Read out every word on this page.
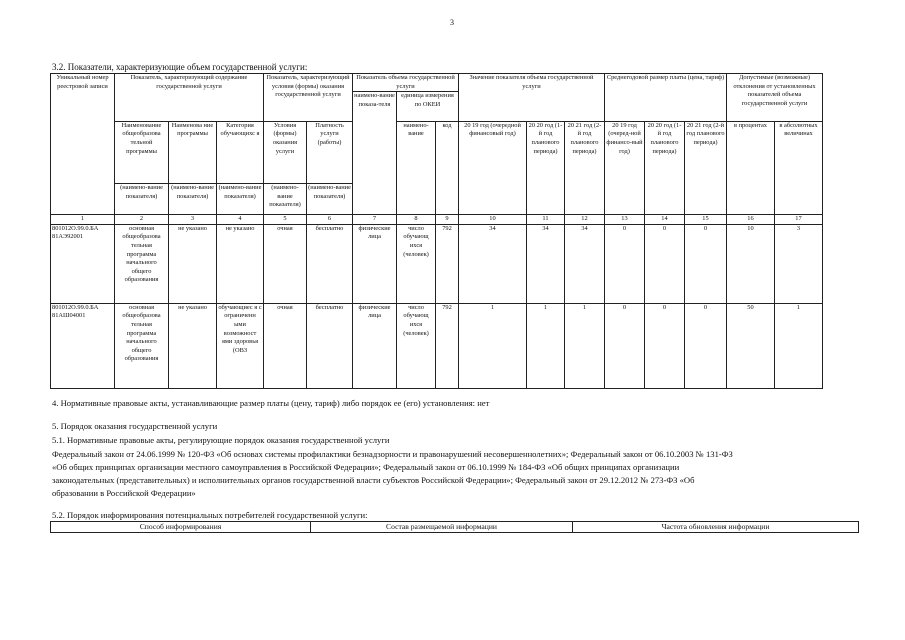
3
3.2. Показатели, характеризующие объем государственной услуги:
Уникальный номер реестровой записи	Показатель, характеризующий содержание государственной услуги			Показатель, характеризующий условия (формы) оказания государственной услуги		Показатель объема государственной услуги			Значение показателя объема государственной услуги			Среднегодовой размер платы (цена, тариф)			Допустимые (возможные) отклонения от установленных показателей объема государственной услуги	
						наимено-вание показа-теля	единица измерения по ОКЕИ									
	Наименование общеобразова тельной программы	Наименова ние программы	Категория обучающихс я	Условия (формы) оказания услуги	Платность услуги (работы)		наимено-вание	код	20 19 год (очередной финансовый год)	20 20 год (1-й год планового периода)	20 21 год (2-й год планового периода)	20 19 год (очеред-ной финансо-вый год)	20 20 год (1-й год планового периода)	20 21 год (2-й год планового периода)	в процентах	в абсолютных величинах
	(наимено-вание показателя)	(наимено-вание показателя)	(наимено-вание показателя)	(наимено-вание показателя)	(наимено-вание показателя)											
1	2	3	4	5	6	7	8	9	10	11	12	13	14	15	16	17
801012О.99.0.БА 81АЭ92001	основная общеобразова тельная программа начального общего образования	не указано	не указано	очная	бесплатно	физические лица	число обучающ ихся (человек)	792	34	34	34	0	0	0	10	3
801012О.99.0.БА 81АШ04001	основная общеобразова тельная программа начального общего образования	не указано	обучающиес я с ограниченн ыми возможност ями здоровья (ОВЗ	очная	бесплатно	физические лица	число обучающ ихся (человек)	792	1	1	1	0	0	0	50	1
4. Нормативные правовые акты, устанавливающие размер платы (цену, тариф) либо порядок ее (его) установления: нет
5. Порядок оказания государственной услуги
5.1. Нормативные правовые акты, регулирующие порядок оказания государственной услуги
Федеральный закон от 24.06.1999 № 120-ФЗ «Об основах системы профилактики безнадзорности и правонарушений несовершеннолетних»; Федеральный закон от 06.10.2003 № 131-ФЗ
«Об общих принципах организации местного самоуправления в Российской Федерации»; Федеральный закон от 06.10.1999 № 184-ФЗ «Об общих принципах организации
законодательных (представительных) и исполнительных органов государственной власти субъектов Российской Федерации»; Федеральный закон от 29.12.2012 № 273-ФЗ «Об
образовании в Российской Федерации»
5.2. Порядок информирования потенциальных потребителей государственной услуги:
Способ информирования	Состав размещаемой информации	Частота обновления информации
